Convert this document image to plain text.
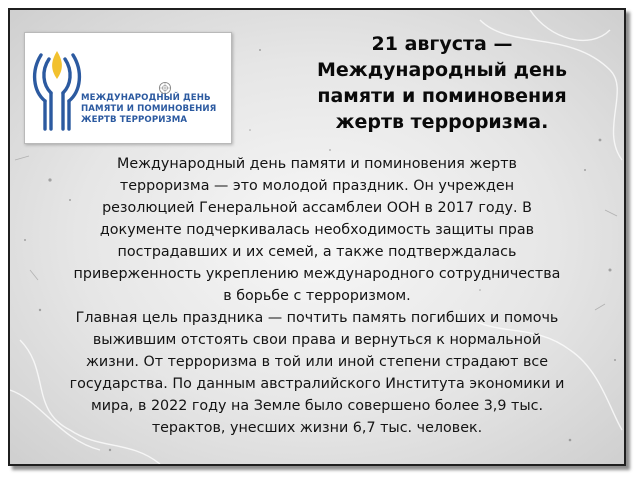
МЕЖДУНАРОДНЫЙ ДЕНЬ
ПАМЯТИ И ПОМИНОВЕНИЯ
ЖЕРТВ ТЕРРОРИЗМА
21 августа —
Международный день
памяти и поминовения
жертв терроризма.
Международный день памяти и поминовения жертв
терроризма — это молодой праздник. Он учрежден
резолюцией Генеральной ассамблеи ООН в 2017 году. В
документе подчеркивалась необходимость защиты прав
пострадавших и их семей, а также подтверждалась
приверженность укреплению международного сотрудничества
в борьбе с терроризмом.
Главная цель праздника — почтить память погибших и помочь
выжившим отстоять свои права и вернуться к нормальной
жизни. От терроризма в той или иной степени страдают все
государства. По данным австралийского Института экономики и
мира, в 2022 году на Земле было совершено более 3,9 тыс.
терактов, унесших жизни 6,7 тыс. человек.
